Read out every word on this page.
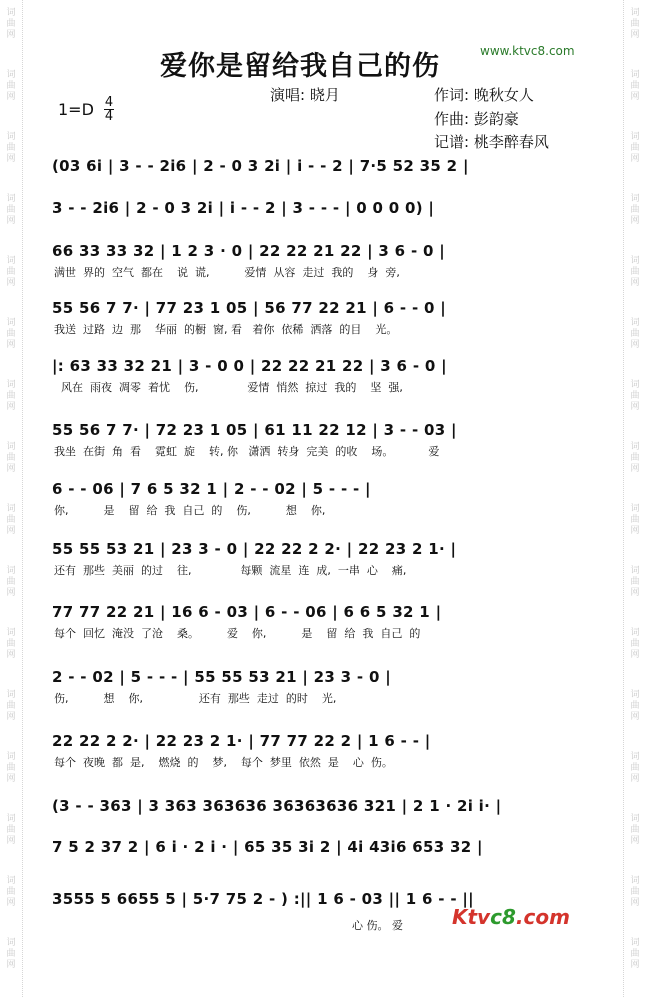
词
曲
网
词
曲
网
词
曲
网
词
曲
网
词
曲
网
词
曲
网
词
曲
网
词
曲
网
词
曲
网
词
曲
网
词
曲
网
词
曲
网
词
曲
网
词
曲
网
词
曲
网
词
曲
网
词
曲
网
词
曲
网
词
曲
网
词
曲
网
词
曲
网
词
曲
网
词
曲
网
词
曲
网
词
曲
网
词
曲
网
词
曲
网
词
曲
网
词
曲
网
词
曲
网
词
曲
网
词
曲
网
爱你是留给我自己的伤	www.ktvc8.com
1=D 4
4
演唱: 晓月	作词: 晚秋女人
作曲: 彭韵豪
记谱: 桃李醉春风
(03 6i | 3 - - 2i6 | 2 - 0 3 2i | i - - 2 | 7·5 52 35 2 |
3 - - 2i6 | 2 - 0 3 2i | i - - 2 | 3 - - - | 0 0 0 0) |
66 33 33 32 | 1 2 3 · 0 | 22 22 21 22 | 3 6 - 0 |
满世  界的  空气  都在    说  谎,          爱情  从容  走过  我的    身  旁,
55 56 7 7· | 77 23 1 05 | 56 77 22 21 | 6 - - 0 |
我送  过路  边  那    华丽  的橱  窗, 看   着你  依稀  洒落  的目    光。
|: 63 33 32 21 | 3 - 0 0 | 22 22 21 22 | 3 6 - 0 |
风在  雨夜  凋零  着忧    伤,              爱情  悄然  掠过  我的    坚  强,
55 56 7 7· | 72 23 1 05 | 61 11 22 12 | 3 - - 03 |
我坐  在街  角  看    霓虹  旋    转, 你   潇洒  转身  完美  的收    场。          爱
6 - - 06 | 7 6 5 32 1 | 2 - - 02 | 5 - - - |
你,          是    留  给  我  自己  的    伤,          想    你,
55 55 53 21 | 23 3 - 0 | 22 22 2 2· | 22 23 2 1· |
还有  那些  美丽  的过    往,              每颗  流星  连  成,  一串  心    痛,
77 77 22 21 | 16 6 - 03 | 6 - - 06 | 6 6 5 32 1 |
每个  回忆  淹没  了沧    桑。        爱    你,          是    留  给  我  自己  的
2 - - 02 | 5 - - - | 55 55 53 21 | 23 3 - 0 |
伤,          想    你,                还有  那些  走过  的时    光,
22 22 2 2· | 22 23 2 1· | 77 77 22 2 | 1 6 - - |
每个  夜晚  都  是,    燃烧  的    梦,    每个  梦里  依然  是    心  伤。
(3 - - 363 | 3 363 363636 36363636 321 | 2 1 · 2i i· |
7 5 2 37 2 | 6 i · 2 i · | 65 35 3i 2 | 4i 43i6 653 32 |
3555 5 6655 5 | 5·7 75 2 - ) :|| 1 6 - 03 || 1 6 - - ||
心 伤。 爱 Ktvc8.com
